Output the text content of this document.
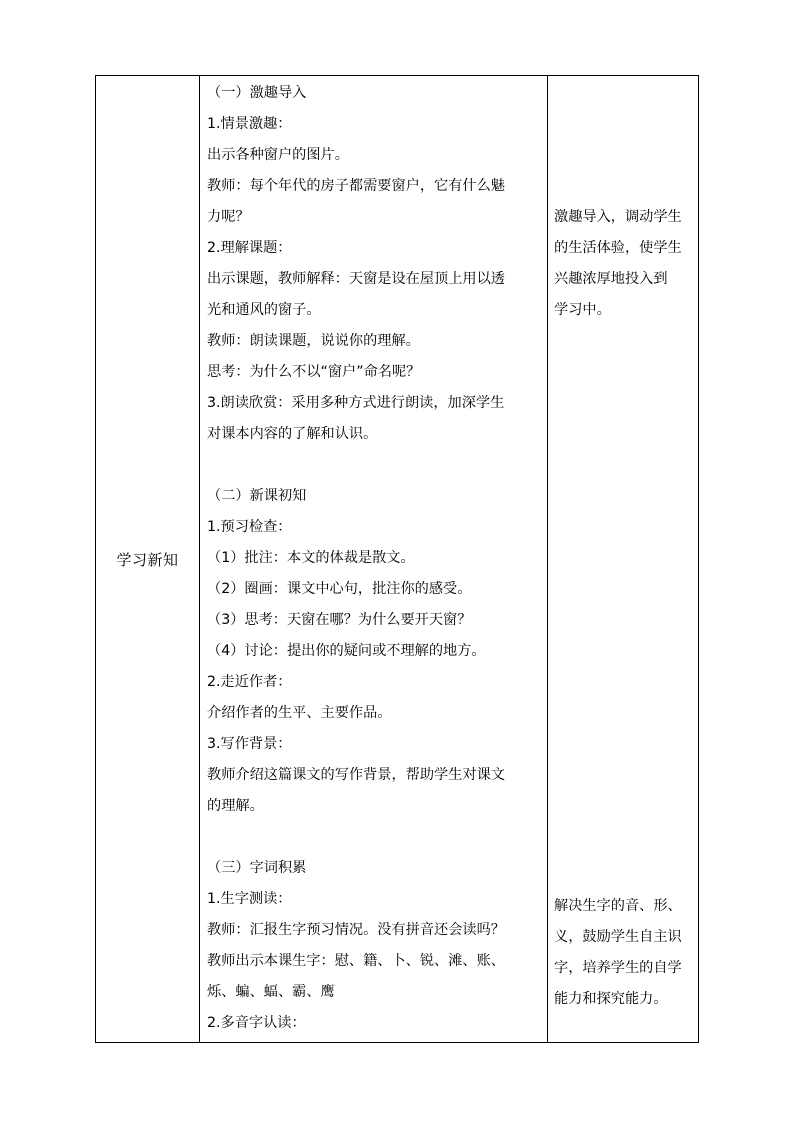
学习新知
（一）激趣导入
1.情景激趣：
出示各种窗户的图片。
教师：每个年代的房子都需要窗户，它有什么魅
力呢？
2.理解课题：
出示课题，教师解释：天窗是设在屋顶上用以透
光和通风的窗子。
教师：朗读课题，说说你的理解。
思考：为什么不以“窗户”命名呢？
3.朗读欣赏：采用多种方式进行朗读，加深学生
对课本内容的了解和认识。
（二）新课初知
1.预习检查：
（1）批注：本文的体裁是散文。
（2）圈画：课文中心句，批注你的感受。
（3）思考：天窗在哪？为什么要开天窗？
（4）讨论：提出你的疑问或不理解的地方。
2.走近作者：
介绍作者的生平、主要作品。
3.写作背景：
教师介绍这篇课文的写作背景，帮助学生对课文
的理解。
（三）字词积累
1.生字测读：
教师：汇报生字预习情况。没有拼音还会读吗？
教师出示本课生字：慰、籍、卜、锐、滩、账、
烁、蝙、蝠、霸、鹰
2.多音字认读：
激趣导入，调动学生
的生活体验，使学生
兴趣浓厚地投入到
学习中。
解决生字的音、形、
义，鼓励学生自主识
字，培养学生的自学
能力和探究能力。
